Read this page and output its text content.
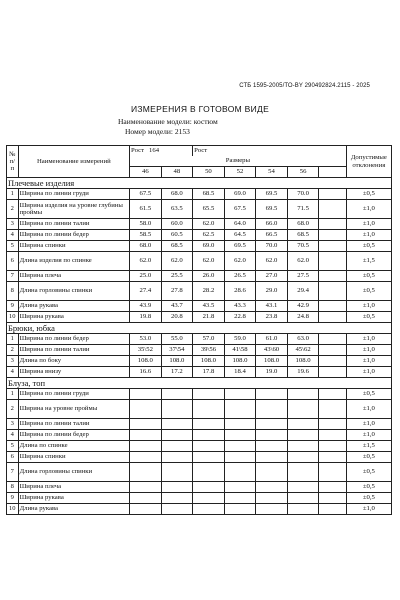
СТБ 1595-2005/ТО-BY 290492824.2115 - 2025
ИЗМЕРЕНИЯ В ГОТОВОМ ВИДЕ
Наименование модели: костюм
Номер модели: 2153
№ п/ п	Наименование измерений	Рост 164		Рост					Допустимые отклонения
		Размеры							
		46	48	50	52	54	56		
Плечевые изделия									
1	Ширина по линии груди	67.5	68.0	68.5	69.0	69.5	70.0		±0,5
2	Ширина изделия на уровне глубины проймы	61.5	63.5	65.5	67.5	69.5	71.5		±1,0
3	Ширина по линии талии	58.0	60.0	62.0	64.0	66.0	68.0		±1,0
4	Ширина по линии бедер	58.5	60.5	62.5	64.5	66.5	68.5		±1,0
5	Ширина спинки	68.0	68.5	69.0	69.5	70.0	70.5		±0,5
6	Длина изделия по спинке	62.0	62.0	62.0	62.0	62.0	62.0		±1,5
7	Ширина плеча	25.0	25.5	26.0	26.5	27.0	27.5		±0,5
8	Длина горловины спинки	27.4	27.8	28.2	28.6	29.0	29.4		±0,5
9	Длина рукава	43.9	43.7	43.5	43.3	43.1	42.9		±1,0
10	Ширина рукава	19.8	20.8	21.8	22.8	23.8	24.8		±0,5
Брюки, юбка									
1	Ширина по линии бедер	53.0	55.0	57.0	59.0	61.0	63.0		±1,0
2	Ширина по линии талии	35\52	37\54	39\56	41\58	43\60	45\62		±1,0
3	Длина по боку	108.0	108.0	108.0	108.0	108.0	108.0		±1,0
4	Ширина внизу	16.6	17.2	17.8	18.4	19.0	19.6		±1,0
Блуза, топ									
1	Ширина по линии груди								±0,5
2	Ширина на уровне проймы								±1,0
3	Ширина по линии талии								±1,0
4	Ширина по линии бедер								±1,0
5	Длина по спинке								±1,5
6	Ширина спинки								±0,5
7	Длина горловины спинки								±0,5
8	Ширина плеча								±0,5
9	Ширина рукава								±0,5
10	Длина рукава								±1,0
